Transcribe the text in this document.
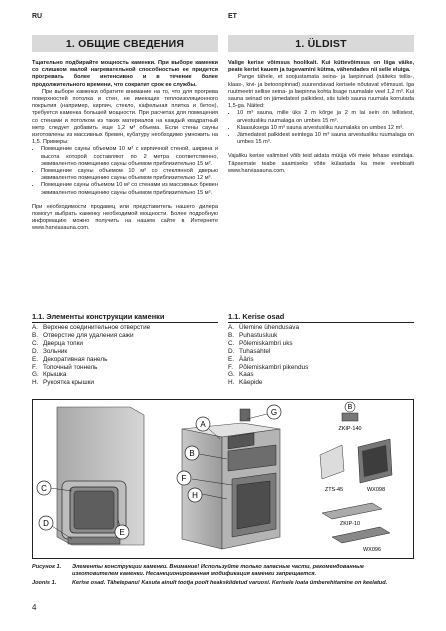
RU	ET
1. ОБЩИЕ СВЕДЕНИЯ	1. ÜLDIST

Тщательно подбирайте мощность каменки. При выборе каменки со слишком малой нагревательной способностью ее придется прогревать более интенсивно и в течение более продолжительного времени, что сократит срок ее службы.

При выборе каменки обратите внимание на то, что для прогрева поверхностей потолка и стен, не имеющих теплоизоляционного покрытия (например, кирпич, стекло, кафельная плитка и бетон), требуется каменка большей мощности. При расчетах для помещения со стенами и потолком из таких материалов на каждый квадратный метр следует добавить еще 1,2 м³ объема. Если стены сауны изготовлены из массивных бревен, кубатуру необходимо умножить на 1,5. Примеры:

• Помещение сауны объемом 10 м³ с кирпичной стеной, ширина и высота которой составляют по 2 метра соответственно, эквивалентно помещению сауны объемом приблизительно 15 м³.
• Помещение сауны объемом 10 м³ со стеклянной дверью эквивалентно помещению сауны объемом приблизительно 12 м³.
• Помещение сауны объемом 10 м³ со стенами из массивных бревен эквивалентно помещению сауны объемом приблизительно 15 м³.

При необходимости продавец или представитель нашего дилера помогут выбрать каменку необходимой мощности. Более подробную информацию можно получить на нашем сайте в Интернете www.harviasauna.com.

Valige kerise võimsus hoolikalt. Kui küttevõimsus on liiga väike, peate kerist kauem ja tugevamini kütma, vähendades nii selle eluiga.

Pange tähele, et soojustamata seina- ja laepinnad (näiteks tellis-, klaas-, kivi- ja betoonpinnad) suurendavad kerisele nõutavat võimsust. Iga ruutmeetri sellise seina- ja laepinna kohta lisage ruumalale veel 1,2 m³. Kui sauna seinad on jämedatest palkidest, siis tuleb sauna ruumala korrutada 1,5-ga. Näited:

• 10 m³ sauna, mille üks 2 m kõrge ja 2 m lai sein on tellistest, arvestusliku ruumalaga on umbes 15 m³.
• Klaasuksega 10 m³ sauna arvestusliku ruumalaks on umbes 12 m³.
• Jämedatest palkidest seintega 10 m³ sauna arvestusliku ruumalaga on umbes 15 m³.

Vajaliku kerise valimisel võib teid aidata müüja või meie tehase esindaja. Täpsemate teabe saamiseks võite külastada ka meie veebisaiti www.harviasauna.com.

1.1. Элементы конструкции каменки	1.1. Kerise osad
A. Верхнее соединительное отверстие
B. Отверстие для удаления сажи
C. Дверца топки
D. Зольник
E. Декоративная панель
F. Топочный тоннель
G. Крышка
H. Рукоятка крышки
A. Ülemine ühendusava
B. Puhastusluuk
C. Põlemiskambri uks
D. Tuhasahtel
E. Ääris
F. Põlemiskambri pikendus
G. Kaas
H. Käepide
A
B
C
D
E
F
G
H
B
ZKIP-140
ZTS-45	WX098
ZKIP-10
WX096
Рисунок 1. Элементы конструкции каменки. Внимание! Используйте только запасные части, рекомендованные изготовителем каменки. Несанкционированная модификация каменки запрещается.
Joonis 1.	Kerise osad. Tähelepanu! Kasuta ainult tootja poolt heakskiidetud varuosi. Kerisele loata ümberehitamine on keelatud.
4
